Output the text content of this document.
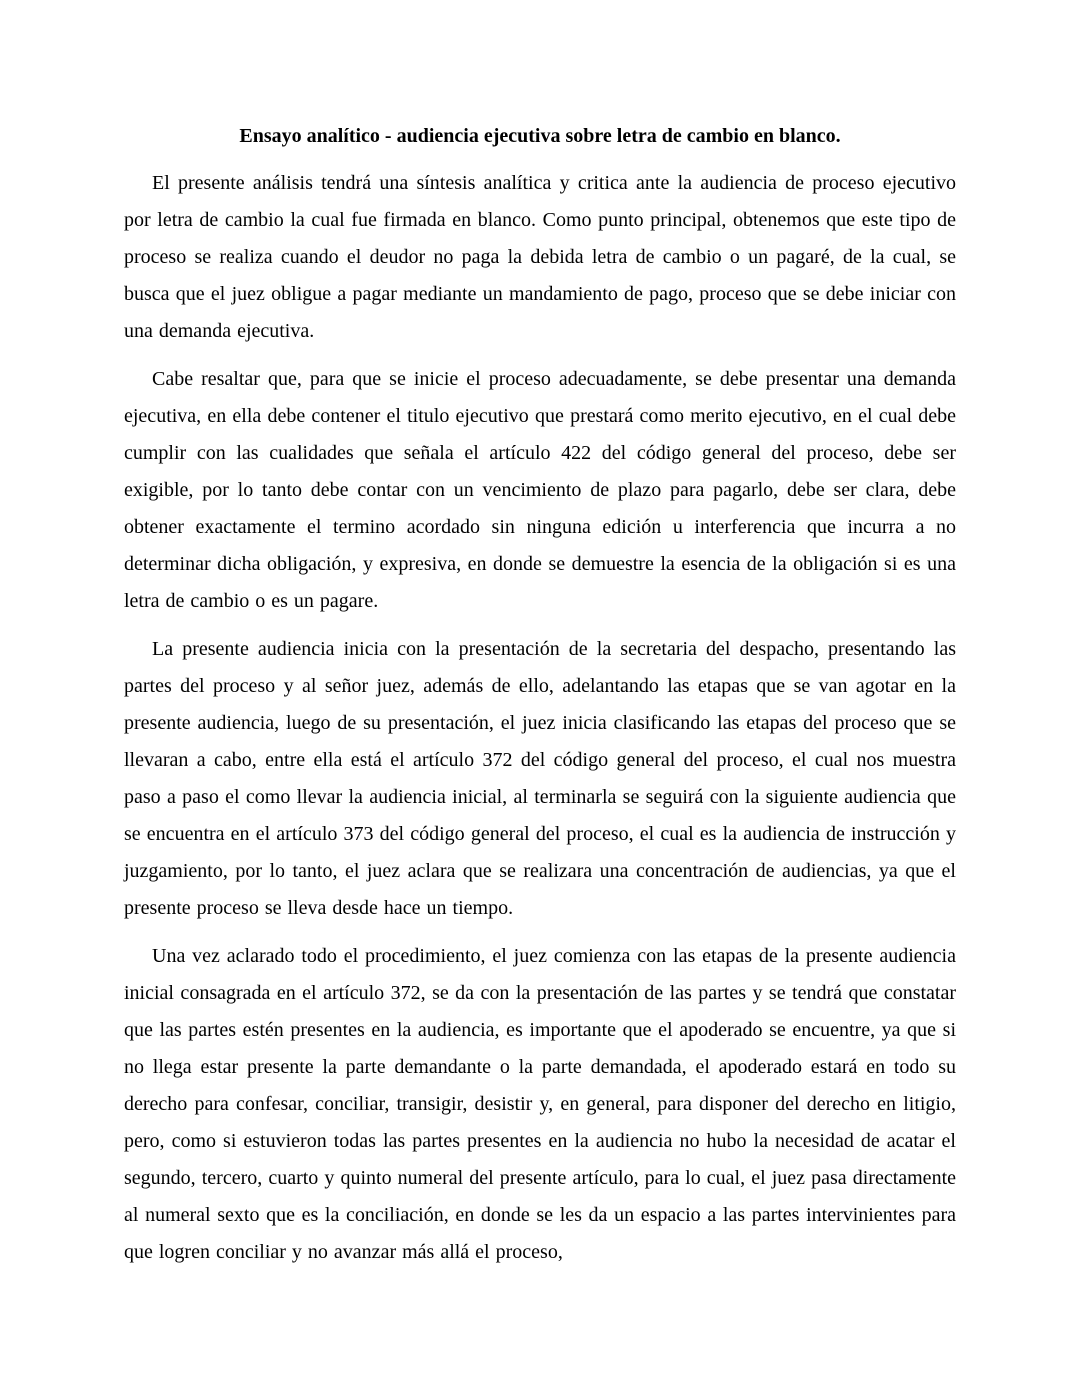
Ensayo analítico - audiencia ejecutiva sobre letra de cambio en blanco.

El presente análisis tendrá una síntesis analítica y critica ante la audiencia de proceso ejecutivo por letra de cambio la cual fue firmada en blanco. Como punto principal, obtenemos que este tipo de proceso se realiza cuando el deudor no paga la debida letra de cambio o un pagaré, de la cual, se busca que el juez obligue a pagar mediante un mandamiento de pago, proceso que se debe iniciar con una demanda ejecutiva.

Cabe resaltar que, para que se inicie el proceso adecuadamente, se debe presentar una demanda ejecutiva, en ella debe contener el titulo ejecutivo que prestará como merito ejecutivo, en el cual debe cumplir con las cualidades que señala el artículo 422 del código general del proceso, debe ser exigible, por lo tanto debe contar con un vencimiento de plazo para pagarlo, debe ser clara, debe obtener exactamente el termino acordado sin ninguna edición u interferencia que incurra a no determinar dicha obligación, y expresiva, en donde se demuestre la esencia de la obligación si es una letra de cambio o es un pagare.

La presente audiencia inicia con la presentación de la secretaria del despacho, presentando las partes del proceso y al señor juez, además de ello, adelantando las etapas que se van agotar en la presente audiencia, luego de su presentación, el juez inicia clasificando las etapas del proceso que se llevaran a cabo, entre ella está el artículo 372 del código general del proceso, el cual nos muestra paso a paso el como llevar la audiencia inicial, al terminarla se seguirá con la siguiente audiencia que se encuentra en el artículo 373 del código general del proceso, el cual es la audiencia de instrucción y juzgamiento, por lo tanto, el juez aclara que se realizara una concentración de audiencias, ya que el presente proceso se lleva desde hace un tiempo.

Una vez aclarado todo el procedimiento, el juez comienza con las etapas de la presente audiencia inicial consagrada en el artículo 372, se da con la presentación de las partes y se tendrá que constatar que las partes estén presentes en la audiencia, es importante que el apoderado se encuentre, ya que si no llega estar presente la parte demandante o la parte demandada, el apoderado estará en todo su derecho para confesar, conciliar, transigir, desistir y, en general, para disponer del derecho en litigio, pero, como si estuvieron todas las partes presentes en la audiencia no hubo la necesidad de acatar el segundo, tercero, cuarto y quinto numeral del presente artículo, para lo cual, el juez pasa directamente al numeral sexto que es la conciliación, en donde se les da un espacio a las partes intervinientes para que logren conciliar y no avanzar más allá el proceso,
